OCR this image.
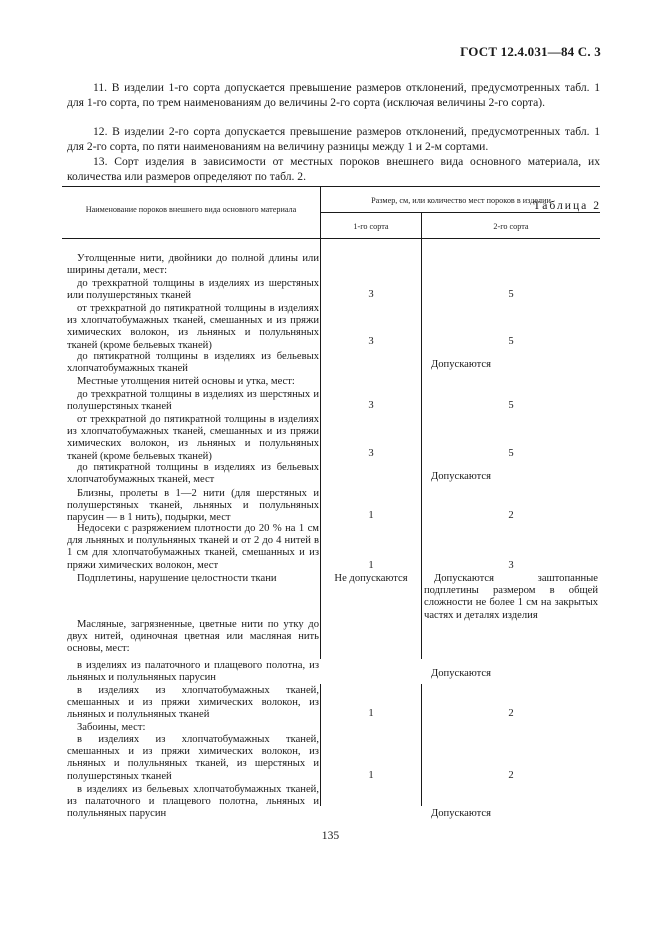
ГОСТ 12.4.031—84 С. 3
11. В изделии 1-го сорта допускается превышение размеров отклонений, предусмотренных табл. 1 для 1-го сорта, по трем наименованиям до величины 2-го сорта (исключая величины 2-го сорта).
12. В изделии 2-го сорта допускается превышение размеров отклонений, предусмотренных табл. 1 для 2-го сорта, по пяти наименованиям на величину разницы между 1 и 2-м сортами.
13. Сорт изделия в зависимости от местных пороков внешнего вида основного материала, их количества или размеров определяют по табл. 2.
Таблица 2
Наименование пороков внешнего вида основного материала
Размер, см, или количество мест пороков в изделии
1-го сорта	2-го сорта
Утолщенные нити, двойники до полной длины или ширины детали, мест:
до трехкратной толщины в изделиях из шерстяных или полушерстяных тканей	3	5
от трехкратной до пятикратной толщины в изделиях из хлопчатобумажных тканей, смешанных и из пряжи химических волокон, из льняных и полульняных тканей (кроме бельевых тканей)	3	5
до пятикратной толщины в изделиях из бельевых хлопчатобумажных тканей	Допускаются
Местные утолщения нитей основы и утка, мест:
до трехкратной толщины в изделиях из шерстяных и полушерстяных тканей	3	5
от трехкратной до пятикратной толщины в изделиях из хлопчатобумажных тканей, смешанных и из пряжи химических волокон, из льняных и полульняных тканей (кроме бельевых тканей)	3	5
до пятикратной толщины в изделиях из бельевых хлопчатобумажных тканей, мест	Допускаются
Близны, пролеты в 1—2 нити (для шерстяных и полушерстяных тканей, льняных и полульняных парусин — в 1 нить), подырки, мест	1	2
Недосеки с разряжением плотности до 20 % на 1 см для льняных и полульняных тканей и от 2 до 4 нитей в 1 см для хлопчатобумажных тканей, смешанных и из пряжи химических волокон, мест	1	3
Подплетины, нарушение целостности ткани	Не допускаются	Допускаются заштопанные подплетины размером в общей сложности не более 1 см на закрытых частях и деталях изделия
Масляные, загрязненные, цветные нити по утку до двух нитей, одиночная цветная или масляная нить основы, мест:
в изделиях из палаточного и плащевого полотна, из льняных и полульняных парусин	Допускаются
в изделиях из хлопчатобумажных тканей, смешанных и из пряжи химических волокон, из льняных и полульняных тканей	1	2
Забоины, мест:
в изделиях из хлопчатобумажных тканей, смешанных и из пряжи химических волокон, из льняных и полульняных тканей, из шерстяных и полушерстяных тканей	1	2
в изделиях из бельевых хлопчатобумажных тканей, из палаточного и плащевого полотна, льняных и полульняных парусин	Допускаются
135
